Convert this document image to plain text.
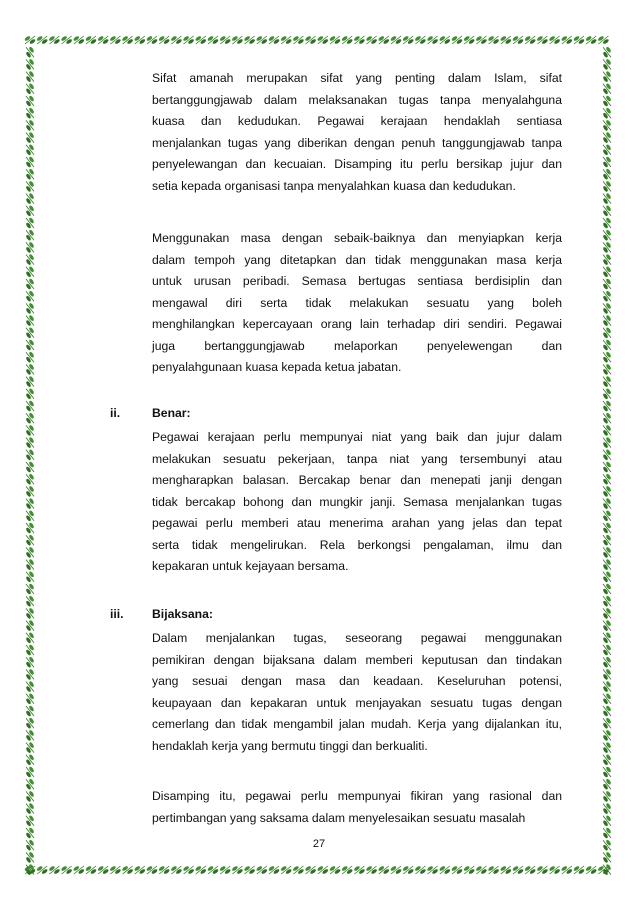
Sifat amanah merupakan sifat yang penting dalam Islam, sifat
bertanggungjawab dalam melaksanakan tugas tanpa menyalahguna
kuasa dan kedudukan. Pegawai kerajaan hendaklah sentiasa
menjalankan tugas yang diberikan dengan penuh tanggungjawab tanpa
penyelewangan dan kecuaian. Disamping itu perlu bersikap jujur dan
setia kepada organisasi tanpa menyalahkan kuasa dan kedudukan.

Menggunakan masa dengan sebaik-baiknya dan menyiapkan kerja
dalam tempoh yang ditetapkan dan tidak menggunakan masa kerja
untuk urusan peribadi. Semasa bertugas sentiasa berdisiplin dan
mengawal diri serta tidak melakukan sesuatu yang boleh
menghilangkan kepercayaan orang lain terhadap diri sendiri. Pegawai
juga bertanggungjawab melaporkan penyelewengan dan
penyalahgunaan kuasa kepada ketua jabatan.

ii.	Benar:

Pegawai kerajaan perlu mempunyai niat yang baik dan jujur dalam
melakukan sesuatu pekerjaan, tanpa niat yang tersembunyi atau
mengharapkan balasan. Bercakap benar dan menepati janji dengan
tidak bercakap bohong dan mungkir janji. Semasa menjalankan tugas
pegawai perlu memberi atau menerima arahan yang jelas dan tepat
serta tidak mengelirukan. Rela berkongsi pengalaman, ilmu dan
kepakaran untuk kejayaan bersama.

iii. Bijaksana:

Dalam menjalankan tugas, seseorang pegawai menggunakan
pemikiran dengan bijaksana dalam memberi keputusan dan tindakan
yang sesuai dengan masa dan keadaan. Keseluruhan potensi,
keupayaan dan kepakaran untuk menjayakan sesuatu tugas dengan
cemerlang dan tidak mengambil jalan mudah. Kerja yang dijalankan itu,
hendaklah kerja yang bermutu tinggi dan berkualiti.

Disamping itu, pegawai perlu mempunyai fikiran yang rasional dan
pertimbangan yang saksama dalam menyelesaikan sesuatu masalah

27
